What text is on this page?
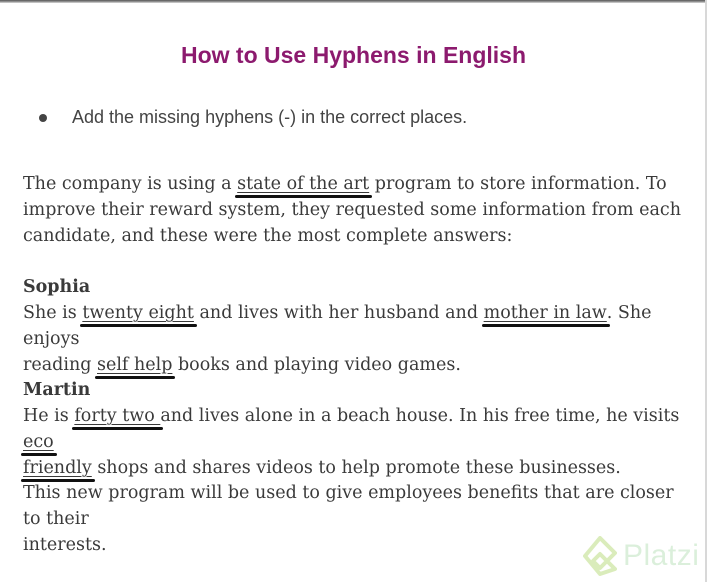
How to Use Hyphens in English
Add the missing hyphens (-) in the correct places.
The company is using a state of the art program to store information. To
improve their reward system, they requested some information from each
candidate, and these were the most complete answers:
Sophia
She is twenty eight and lives with her husband and mother in law. She enjoys
reading self help books and playing video games.
Martin
He is forty two and lives alone in a beach house. In his free time, he visits eco
friendly shops and shares videos to help promote these businesses.
This new program will be used to give employees benefits that are closer to their
interests.	Platzi
